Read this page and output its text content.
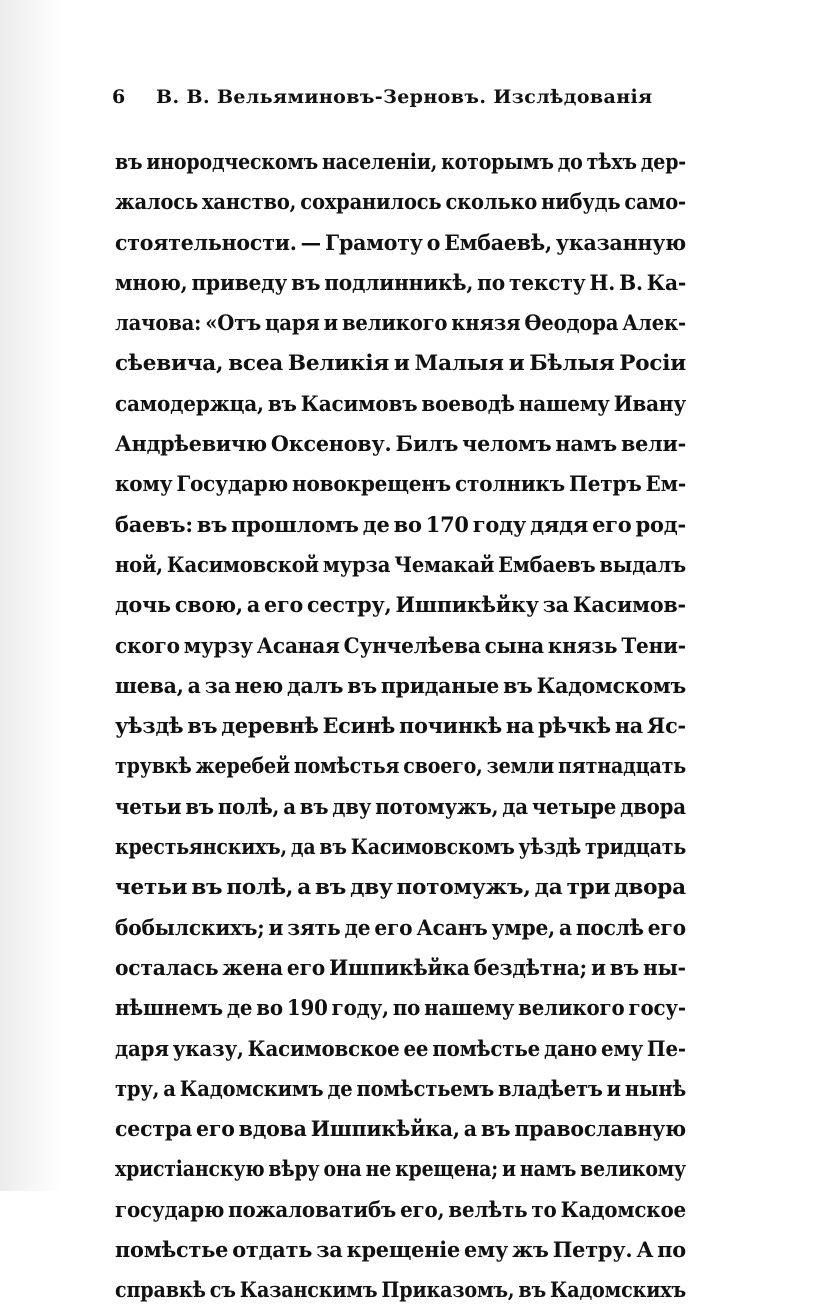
6 В. В. Вельяминовъ-Зерновъ. Изслѣдованія
въ инородческомъ населеніи, которымъ до тѣхъ дер-
жалось ханство, сохранилось сколько нибудь само-
стоятельности. — Грамоту о Ембаевѣ, указанную
мною, приведу въ подлинникѣ, по тексту Н. В. Ка-
лачова: «Отъ царя и великого князя Ѳеодора Алек-
сѣевича, всеа Великія и Малыя и Бѣлыя Росіи
самодержца, въ Касимовъ воеводѣ нашему Ивану
Андрѣевичю Оксенову. Билъ челомъ намъ вели-
кому Государю новокрещенъ столникъ Петръ Ем-
баевъ: въ прошломъ де во 170 году дядя его род-
ной, Касимовской мурза Чемакай Ембаевъ выдалъ
дочь свою, а его сестру, Ишпикѣйку за Касимов-
ского мурзу Асаная Сунчелѣева сына князь Тени-
шева, а за нею далъ въ приданые въ Кадомскомъ
уѣздѣ въ деревнѣ Есинѣ починкѣ на рѣчкѣ на Яс-
трувкѣ жеребей помѣстья своего, земли пятнадцать
четьи въ полѣ, а въ дву потомужъ, да четыре двора
крестьянскихъ, да въ Касимовскомъ уѣздѣ тридцать
четьи въ полѣ, а въ дву потомужъ, да три двора
бобылскихъ; и зять де его Асанъ умре, а послѣ его
осталась жена его Ишпикѣйка бездѣтна; и въ ны-
нѣшнемъ де во 190 году, по нашему великого госу-
даря указу, Касимовское ее помѣстье дано ему Пе-
тру, а Кадомскимъ де помѣстьемъ владѣетъ и нынѣ
сестра его вдова Ишпикѣйка, а въ православную
христіанскую вѣру она не крещена; и намъ великому
государю пожаловатибъ его, велѣть то Кадомское
помѣстье отдать за крещеніе ему жъ Петру. А по
справкѣ съ Казанскимъ Приказомъ, въ Кадомскихъ
